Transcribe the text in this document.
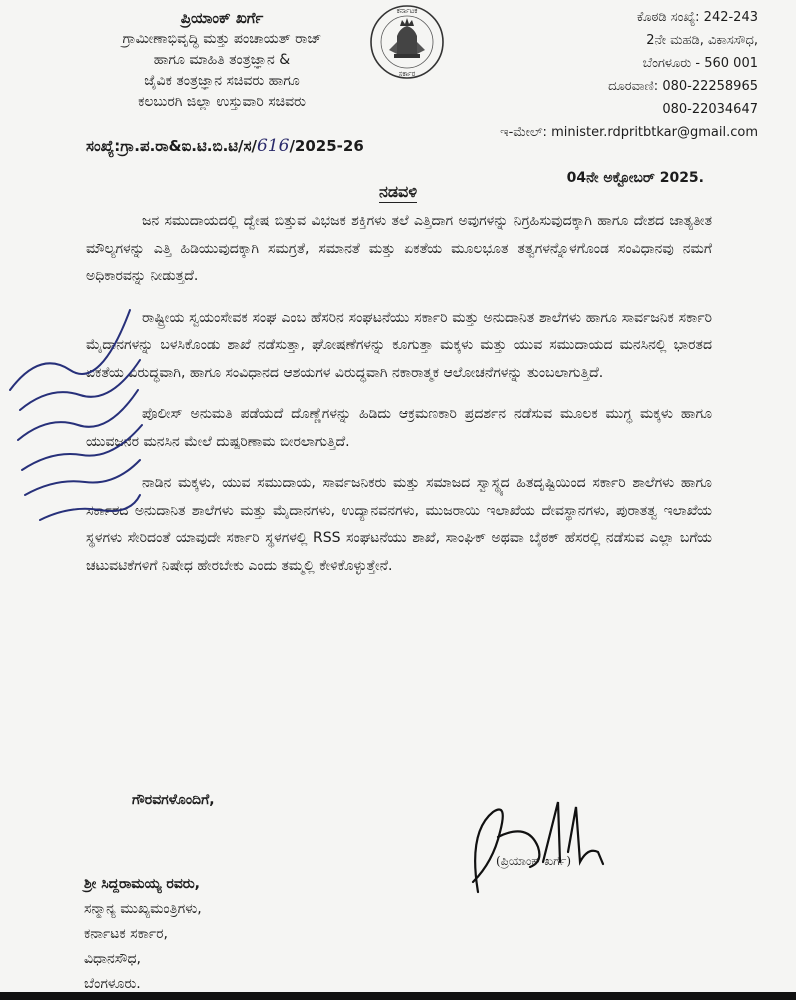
ಪ್ರಿಯಾಂಕ್ ಖರ್ಗೆ
ಗ್ರಾಮೀಣಾಭಿವೃದ್ಧಿ ಮತ್ತು ಪಂಚಾಯತ್ ರಾಜ್
ಹಾಗೂ ಮಾಹಿತಿ ತಂತ್ರಜ್ಞಾನ &
ಜೈವಿಕ ತಂತ್ರಜ್ಞಾನ ಸಚಿವರು ಹಾಗೂ
ಕಲಬುರಗಿ ಜಿಲ್ಲಾ ಉಸ್ತುವಾರಿ ಸಚಿವರು
ಕರ್ನಾಟಕ
ಸರ್ಕಾರ
ಕೊಠಡಿ ಸಂಖ್ಯೆ: 242-243
2ನೇ ಮಹಡಿ, ವಿಕಾಸಸೌಧ,
ಬೆಂಗಳೂರು - 560 001
ದೂರವಾಣಿ: 080-22258965
080-22034647
ಇ-ಮೇಲ್: minister.rdpritbtkar@gmail.com
ಸಂಖ್ಯೆ:ಗ್ರಾ.ಪ.ರಾ&ಐ.ಟಿ.ಬಿ.ಟಿ/ಸ/616/2025-26
04ನೇ ಅಕ್ಟೋಬರ್ 2025.
ನಡವಳಿ

ಜನ ಸಮುದಾಯದಲ್ಲಿ ದ್ವೇಷ ಬಿತ್ತುವ ವಿಭಜಕ ಶಕ್ತಿಗಳು ತಲೆ ಎತ್ತಿದಾಗ ಅವುಗಳನ್ನು ನಿಗ್ರಹಿಸುವುದಕ್ಕಾಗಿ ಹಾಗೂ ದೇಶದ ಜಾತ್ಯತೀತ ಮೌಲ್ಯಗಳನ್ನು ಎತ್ತಿ ಹಿಡಿಯುವುದಕ್ಕಾಗಿ ಸಮಗ್ರತೆ, ಸಮಾನತೆ ಮತ್ತು ಏಕತೆಯ ಮೂಲಭೂತ ತತ್ವಗಳನ್ನೊಳಗೊಂಡ ಸಂವಿಧಾನವು ನಮಗೆ ಅಧಿಕಾರವನ್ನು ನೀಡುತ್ತದೆ.

ರಾಷ್ಟ್ರೀಯ ಸ್ವಯಂಸೇವಕ ಸಂಘ ಎಂಬ ಹೆಸರಿನ ಸಂಘಟನೆಯು ಸರ್ಕಾರಿ ಮತ್ತು ಅನುದಾನಿತ ಶಾಲೆಗಳು ಹಾಗೂ ಸಾರ್ವಜನಿಕ ಸರ್ಕಾರಿ ಮೈದಾನಗಳನ್ನು ಬಳಸಿಕೊಂಡು ಶಾಖೆ ನಡೆಸುತ್ತಾ, ಘೋಷಣೆಗಳನ್ನು ಕೂಗುತ್ತಾ ಮಕ್ಕಳು ಮತ್ತು ಯುವ ಸಮುದಾಯದ ಮನಸಿನಲ್ಲಿ ಭಾರತದ ಏಕತೆಯ ವಿರುದ್ಧವಾಗಿ, ಹಾಗೂ ಸಂವಿಧಾನದ ಆಶಯಗಳ ವಿರುದ್ಧವಾಗಿ ನಕಾರಾತ್ಮಕ ಆಲೋಚನೆಗಳನ್ನು ತುಂಬಲಾಗುತ್ತಿದೆ.

ಪೊಲೀಸ್ ಅನುಮತಿ ಪಡೆಯದೆ ದೊಣ್ಣೆಗಳನ್ನು ಹಿಡಿದು ಆಕ್ರಮಣಕಾರಿ ಪ್ರದರ್ಶನ ನಡೆಸುವ ಮೂಲಕ ಮುಗ್ಧ ಮಕ್ಕಳು ಹಾಗೂ ಯುವಜನರ ಮನಸಿನ ಮೇಲೆ ದುಷ್ಪರಿಣಾಮ ಬೀರಲಾಗುತ್ತಿದೆ.

ನಾಡಿನ ಮಕ್ಕಳು, ಯುವ ಸಮುದಾಯ, ಸಾರ್ವಜನಿಕರು ಮತ್ತು ಸಮಾಜದ ಸ್ವಾಸ್ಥ್ಯದ ಹಿತದೃಷ್ಟಿಯಿಂದ ಸರ್ಕಾರಿ ಶಾಲೆಗಳು ಹಾಗೂ ಸರ್ಕಾರದ ಅನುದಾನಿತ ಶಾಲೆಗಳು ಮತ್ತು ಮೈದಾನಗಳು, ಉದ್ಯಾನವನಗಳು, ಮುಜರಾಯಿ ಇಲಾಖೆಯ ದೇವಸ್ಥಾನಗಳು, ಪುರಾತತ್ವ ಇಲಾಖೆಯ ಸ್ಥಳಗಳು ಸೇರಿದಂತೆ ಯಾವುದೇ ಸರ್ಕಾರಿ ಸ್ಥಳಗಳಲ್ಲಿ RSS ಸಂಘಟನೆಯು ಶಾಖೆ, ಸಾಂಘಿಕ್ ಅಥವಾ ಬೈಠಕ್ ಹೆಸರಲ್ಲಿ ನಡೆಸುವ ಎಲ್ಲಾ ಬಗೆಯ ಚಟುವಟಿಕೆಗಳಿಗೆ ನಿಷೇಧ ಹೇರಬೇಕು ಎಂದು ತಮ್ಮಲ್ಲಿ ಕೇಳಿಕೊಳ್ಳುತ್ತೇನೆ.

ಗೌರವಗಳೊಂದಿಗೆ,
(ಪ್ರಿಯಾಂಕ್ ಖರ್ಗೆ)
ಶ್ರೀ ಸಿದ್ದರಾಮಯ್ಯ ರವರು,
ಸನ್ಮಾನ್ಯ ಮುಖ್ಯಮಂತ್ರಿಗಳು,
ಕರ್ನಾಟಕ ಸರ್ಕಾರ,
ವಿಧಾನಸೌಧ,
ಬೆಂಗಳೂರು.
